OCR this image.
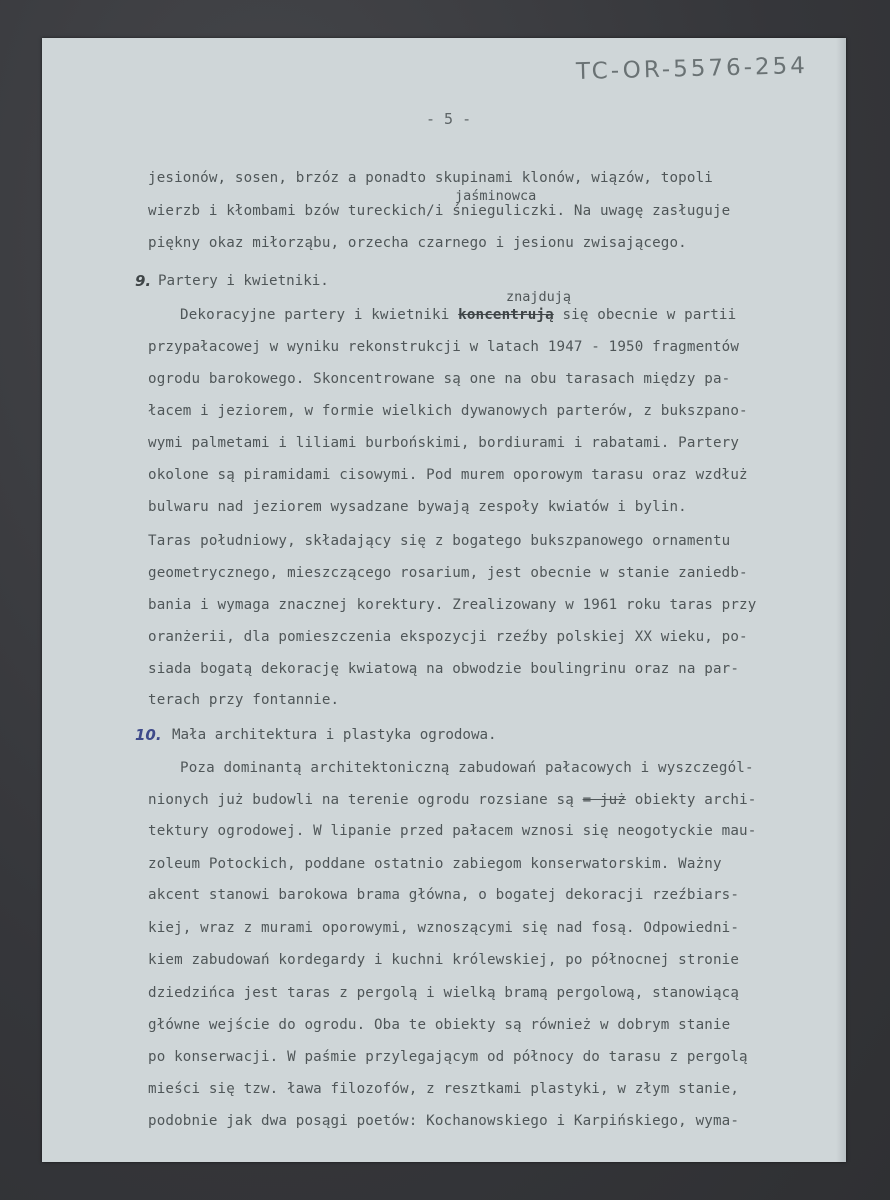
TC-OR-5576-254
- 5 -
jesionów, sosen, brzóz a ponadto skupinami klonów, wiązów, topoli
jaśminowca
wierzb i kłombami bzów tureckich/i śnieguliczki. Na uwagę zasługuje
piękny okaz miłorząbu, orzecha czarnego i jesionu zwisającego.
9. Partery i kwietniki.
znajdują
Dekoracyjne partery i kwietniki koncentrują się obecnie w partii
przypałacowej w wyniku rekonstrukcji w latach 1947 - 1950 fragmentów
ogrodu barokowego. Skoncentrowane są one na obu tarasach między pa-
łacem i jeziorem, w formie wielkich dywanowych parterów, z bukszpano-
wymi palmetami i liliami burbońskimi, bordiurami i rabatami. Partery
okolone są piramidami cisowymi. Pod murem oporowym tarasu oraz wzdłuż
bulwaru nad jeziorem wysadzane bywają zespoły kwiatów i bylin.
Taras południowy, składający się z bogatego bukszpanowego ornamentu
geometrycznego, mieszczącego rosarium, jest obecnie w stanie zaniedb-
bania i wymaga znacznej korektury. Zrealizowany w 1961 roku taras przy
oranżerii, dla pomieszczenia ekspozycji rzeźby polskiej XX wieku, po-
siada bogatą dekorację kwiatową na obwodzie boulingrinu oraz na par-
terach przy fontannie.
10. Mała architektura i plastyka ogrodowa.
Poza dominantą architektoniczną zabudowań pałacowych i wyszczegól-
nionych już budowli na terenie ogrodu rozsiane są = już obiekty archi-
tektury ogrodowej. W lipanie przed pałacem wznosi się neogotyckie mau-
zoleum Potockich, poddane ostatnio zabiegom konserwatorskim. Ważny
akcent stanowi barokowa brama główna, o bogatej dekoracji rzeźbiars-
kiej, wraz z murami oporowymi, wznoszącymi się nad fosą. Odpowiedni-
kiem zabudowań kordegardy i kuchni królewskiej, po północnej stronie
dziedzińca jest taras z pergolą i wielką bramą pergolową, stanowiącą
główne wejście do ogrodu. Oba te obiekty są również w dobrym stanie
po konserwacji. W paśmie przylegającym od północy do tarasu z pergolą
mieści się tzw. ława filozofów, z resztkami plastyki, w złym stanie,
podobnie jak dwa posągi poetów: Kochanowskiego i Karpińskiego, wyma-
